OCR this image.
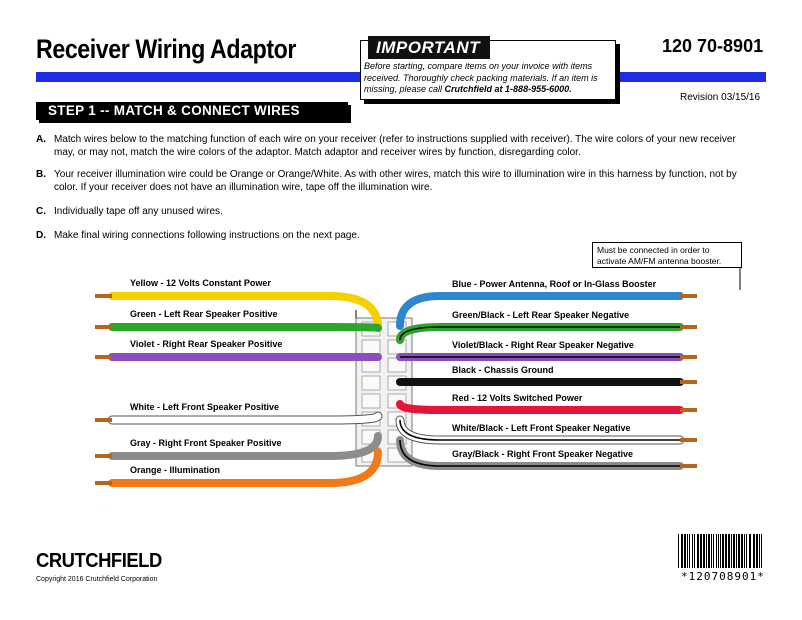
Receiver Wiring Adaptor	120 70-8901
IMPORTANT
Before starting, compare items on your invoice with items received. Thoroughly check packing materials. If an item is missing, please call Crutchfield at 1-888-955-6000.
Revision 03/15/16
STEP 1 -- MATCH & CONNECT WIRES
A. Match wires below to the matching function of each wire on your receiver (refer to instructions supplied with receiver). The wire colors of your new receiver may, or may not, match the wire colors of the adaptor. Match adaptor and receiver wires by function, disregarding color.
B. Your receiver illumination wire could be Orange or Orange/White. As with other wires, match this wire to illumination wire in this harness by function, not by color. If your receiver does not have an illumination wire, tape off the illumination wire.
C. Individually tape off any unused wires.
D. Make final wiring connections following instructions on the next page.
Must be connected in order to activate AM/FM antenna booster.
Yellow - 12 Volts Constant Power
Green - Left Rear Speaker Positive
Violet - Right Rear Speaker Positive
White - Left Front Speaker Positive
Gray - Right Front Speaker Positive
Orange - Illumination
Blue - Power Antenna, Roof or In-Glass Booster
Green/Black - Left Rear Speaker Negative
Violet/Black - Right Rear Speaker Negative
Black - Chassis Ground
Red - 12 Volts Switched Power
White/Black - Left Front Speaker Negative
Gray/Black - Right Front Speaker Negative
CRUTCHFIELD
Copyright 2016 Crutchfield Corporation	*120708901*
